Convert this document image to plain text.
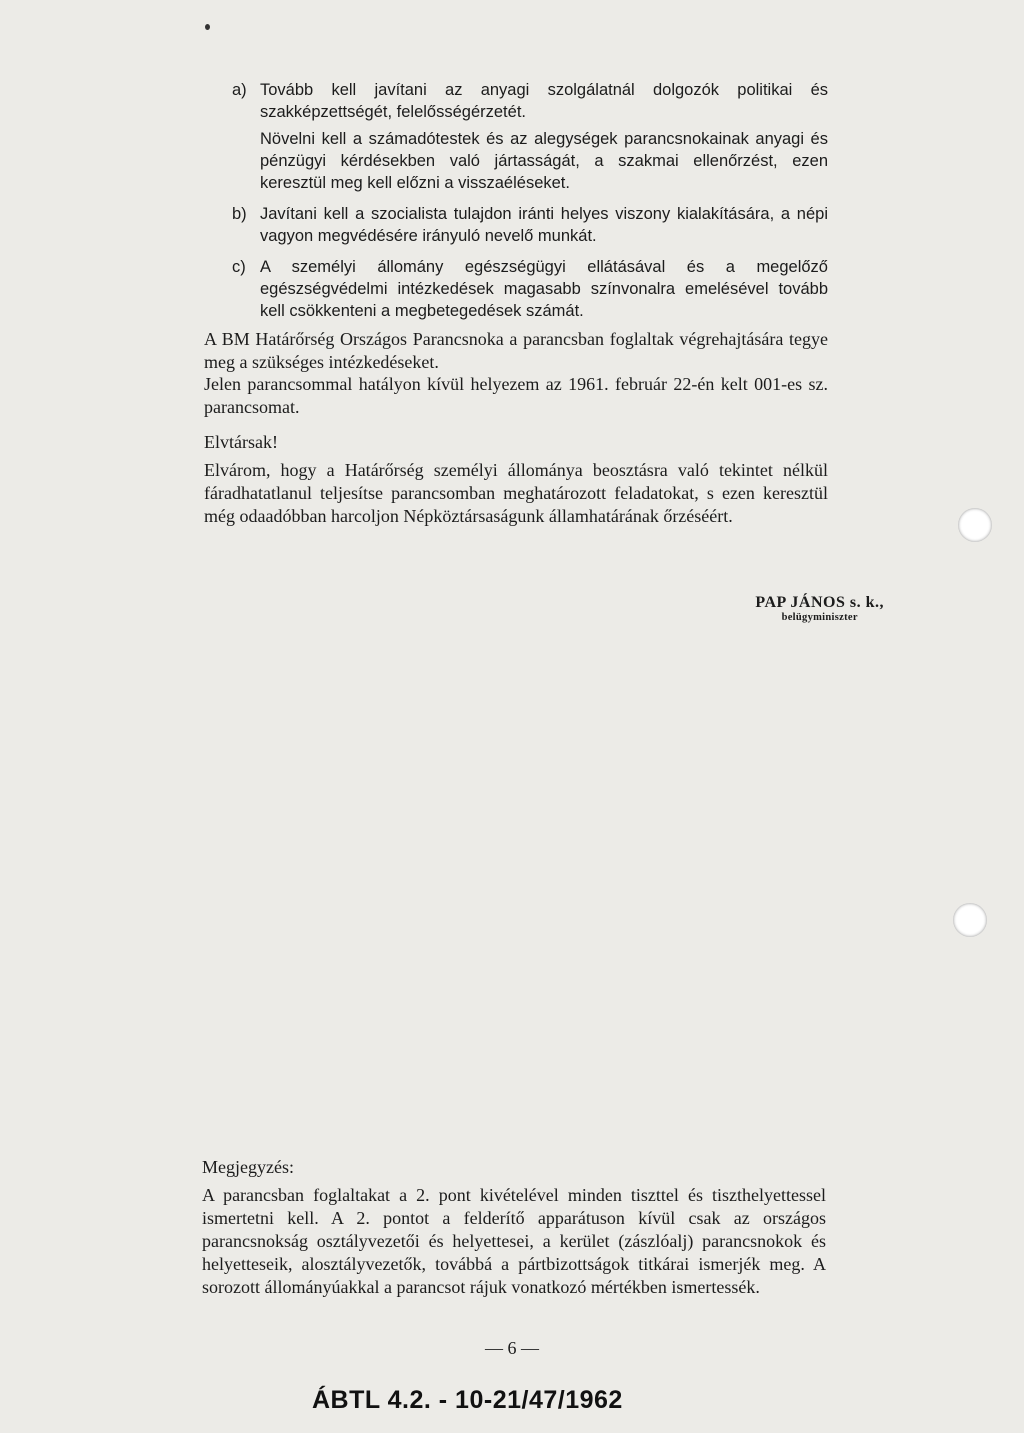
a) Tovább kell javítani az anyagi szolgálatnál dolgozók politikai és szakképzettségét, felelősségérzetét.
Növelni kell a számadótestek és az alegységek parancsnokainak anyagi és pénzügyi kérdésekben való jártasságát, a szakmai ellenőrzést, ezen keresztül meg kell előzni a visszaéléseket.
b) Javítani kell a szocialista tulajdon iránti helyes viszony kialakítására, a népi vagyon megvédésére irányuló nevelő munkát.
c) A személyi állomány egészségügyi ellátásával és a megelőző egészségvédelmi intézkedések magasabb színvonalra emelésével tovább kell csökkenteni a megbetegedések számát.
A BM Határőrség Országos Parancsnoka a parancsban foglaltak végrehajtására tegye meg a szükséges intézkedéseket.
Jelen parancsommal hatályon kívül helyezem az 1961. február 22-én kelt 001-es sz. parancsomat.
Elvtársak!
Elvárom, hogy a Határőrség személyi állománya beosztásra való tekintet nélkül fáradhatatlanul teljesítse parancsomban meghatározott feladatokat, s ezen keresztül még odaadóbban harcoljon Népköztársaságunk államhatárának őrzéséért.
PAP JÁNOS s. k.,
belügyminiszter
Megjegyzés:
A parancsban foglaltakat a 2. pont kivételével minden tiszttel és tiszthelyettessel ismertetni kell. A 2. pontot a felderítő apparátuson kívül csak az országos parancsnokság osztályvezetői és helyettesei, a kerület (zászlóalj) parancsnokok és helyetteseik, alosztályvezetők, továbbá a pártbizottságok titkárai ismerjék meg. A sorozott állományúakkal a parancsot rájuk vonatkozó mértékben ismertessék.
— 6 —
ÁBTL 4.2. - 10-21/47/1962
